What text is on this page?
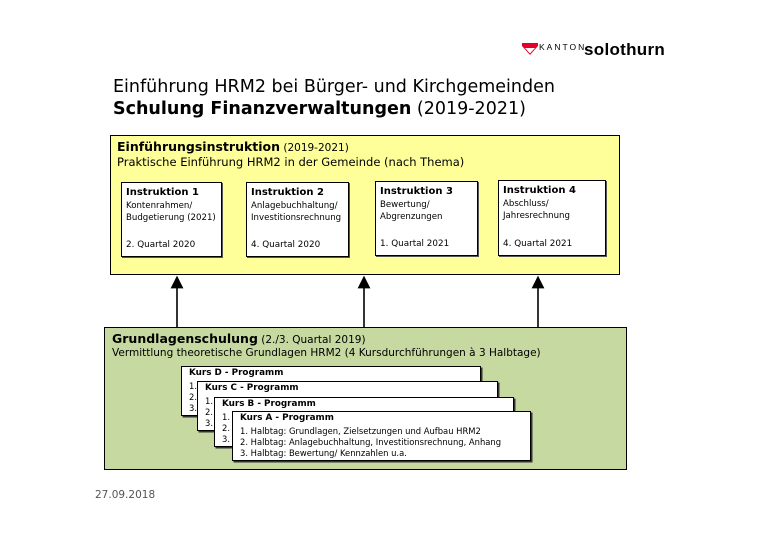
KANTON
solothurn
Einführung HRM2 bei Bürger- und Kirchgemeinden
Schulung Finanzverwaltungen (2019-2021)
Einführungsinstruktion (2019-2021)
Praktische Einführung HRM2 in der Gemeinde (nach Thema)
Instruktion 1
Kontenrahmen/
Budgetierung (2021)
2. Quartal 2020
Instruktion 2
Anlagebuchhaltung/
Investitionsrechnung
4. Quartal 2020
Instruktion 3
Bewertung/
Abgrenzungen
1. Quartal 2021
Instruktion 4
Abschluss/
Jahresrechnung
4. Quartal 2021
Grundlagenschulung (2./3. Quartal 2019)
Vermittlung theoretische Grundlagen HRM2 (4 Kursdurchführungen à 3 Halbtage)
Kurs D - Programm
1.
2.
3.
Kurs C - Programm
1.
2.
3.
Kurs B - Programm
1.
2.
3.
Kurs A - Programm
1. Halbtag: Grundlagen, Zielsetzungen und Aufbau HRM2
2. Halbtag: Anlagebuchhaltung, Investitionsrechnung, Anhang
3. Halbtag: Bewertung/ Kennzahlen u.a.
27.09.2018
